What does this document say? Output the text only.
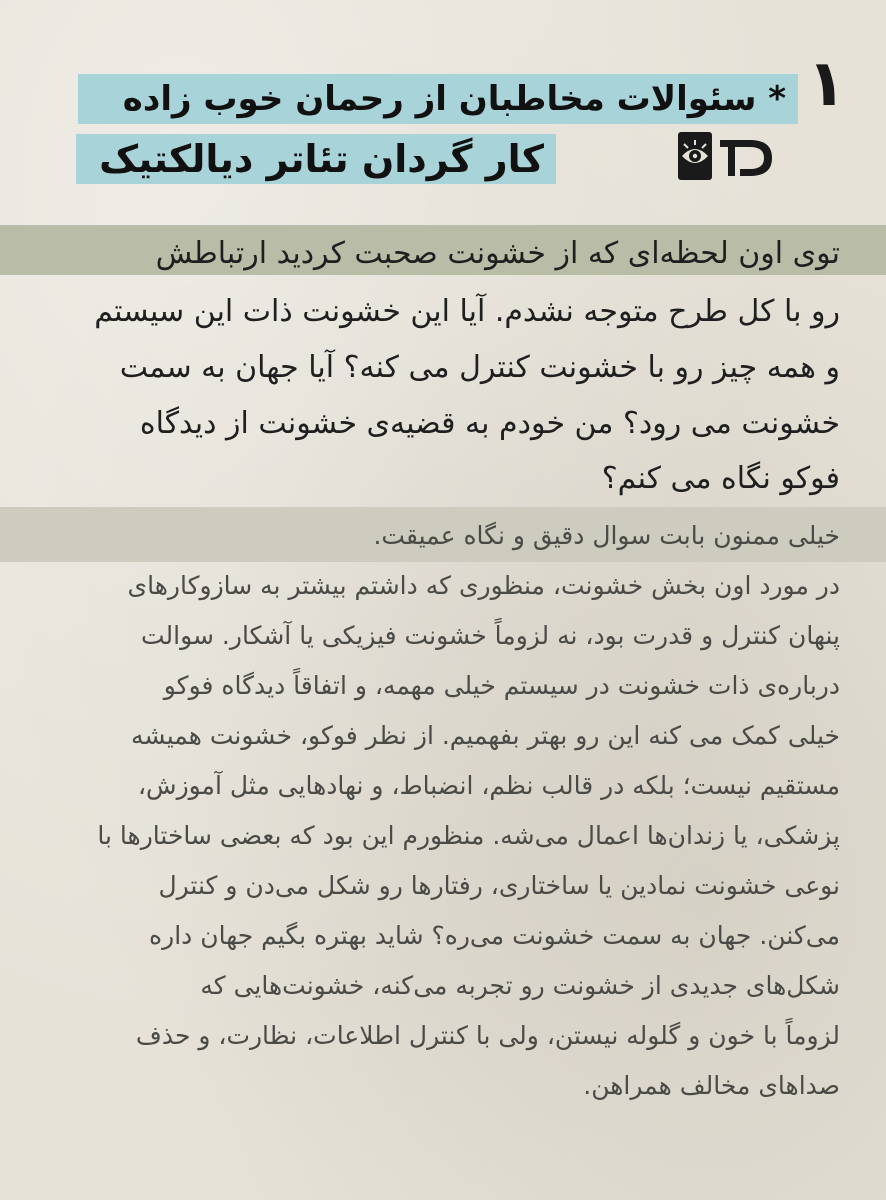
۱
* سئوالات مخاطبان از رحمان خوب زاده
کار گردان تئاتر دیالکتیک
توی اون لحظه‌ای که از خشونت صحبت کردید ارتباطش
رو با کل طرح متوجه نشدم. آیا این خشونت ذات این سیستم
و همه چیز رو با خشونت کنترل می کنه؟ آیا جهان به سمت
خشونت می رود؟ من خودم به قضیه‌ی خشونت از دیدگاه
فوکو نگاه می کنم؟
خیلی ممنون بابت سوال دقیق و نگاه عمیقت.
در مورد اون بخش خشونت، منظوری که داشتم بیشتر به سازوکارهای
پنهان کنترل و قدرت بود، نه لزوماً خشونت فیزیکی یا آشکار. سوالت
درباره‌ی ذات خشونت در سیستم خیلی مهمه، و اتفاقاً دیدگاه فوکو
خیلی کمک می کنه این رو بهتر بفهمیم. از نظر فوکو، خشونت همیشه
مستقیم نیست؛ بلکه در قالب نظم، انضباط، و نهادهایی مثل آموزش،
پزشکی، یا زندان‌ها اعمال می‌شه. منظورم این بود که بعضی ساختارها با
نوعی خشونت نمادین یا ساختاری، رفتارها رو شکل می‌دن و کنترل
می‌کنن. جهان به سمت خشونت می‌ره؟ شاید بهتره بگیم جهان داره
شکل‌های جدیدی از خشونت رو تجربه می‌کنه، خشونت‌هایی که
لزوماً با خون و گلوله نیستن، ولی با کنترل اطلاعات، نظارت، و حذف
صداهای مخالف همراهن.
